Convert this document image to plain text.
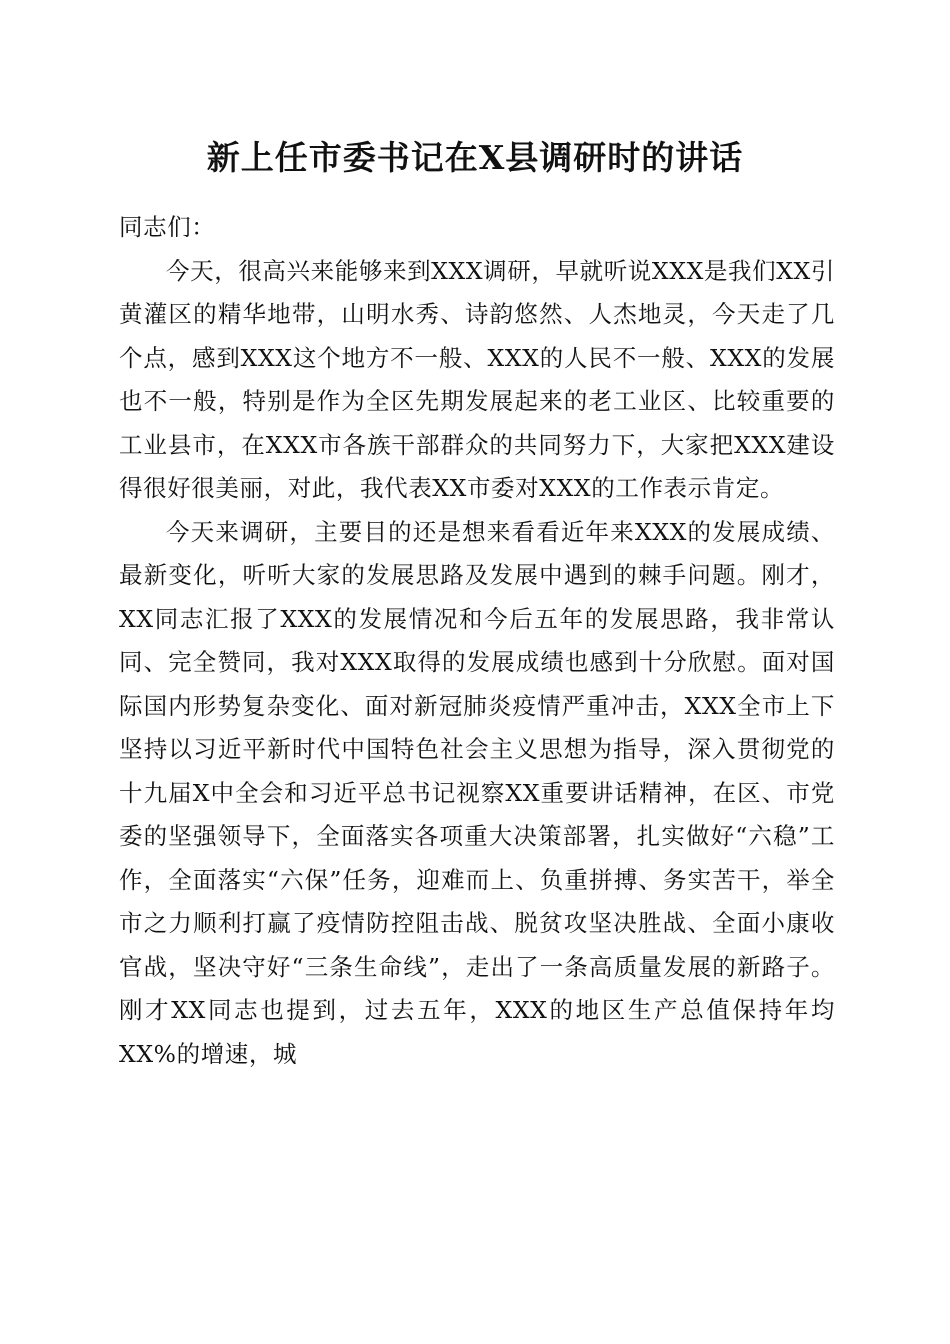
新上任市委书记在X县调研时的讲话

同志们：

今天，很高兴来能够来到XXX调研，早就听说XXX是我们XX引黄灌区的精华地带，山明水秀、诗韵悠然、人杰地灵，今天走了几个点，感到XXX这个地方不一般、XXX的人民不一般、XXX的发展也不一般，特别是作为全区先期发展起来的老工业区、比较重要的工业县市，在XXX市各族干部群众的共同努力下，大家把XXX建设得很好很美丽，对此，我代表XX市委对XXX的工作表示肯定。

今天来调研，主要目的还是想来看看近年来XXX的发展成绩、最新变化，听听大家的发展思路及发展中遇到的棘手问题。刚才，XX同志汇报了XXX的发展情况和今后五年的发展思路，我非常认同、完全赞同，我对XXX取得的发展成绩也感到十分欣慰。面对国际国内形势复杂变化、面对新冠肺炎疫情严重冲击，XXX全市上下坚持以习近平新时代中国特色社会主义思想为指导，深入贯彻党的十九届X中全会和习近平总书记视察XX重要讲话精神，在区、市党委的坚强领导下，全面落实各项重大决策部署，扎实做好“六稳”工作，全面落实“六保”任务，迎难而上、负重拼搏、务实苦干，举全市之力顺利打赢了疫情防控阻击战、脱贫攻坚决胜战、全面小康收官战，坚决守好“三条生命线”，走出了一条高质量发展的新路子。刚才XX同志也提到，过去五年，XXX的地区生产总值保持年均XX%的增速，城
